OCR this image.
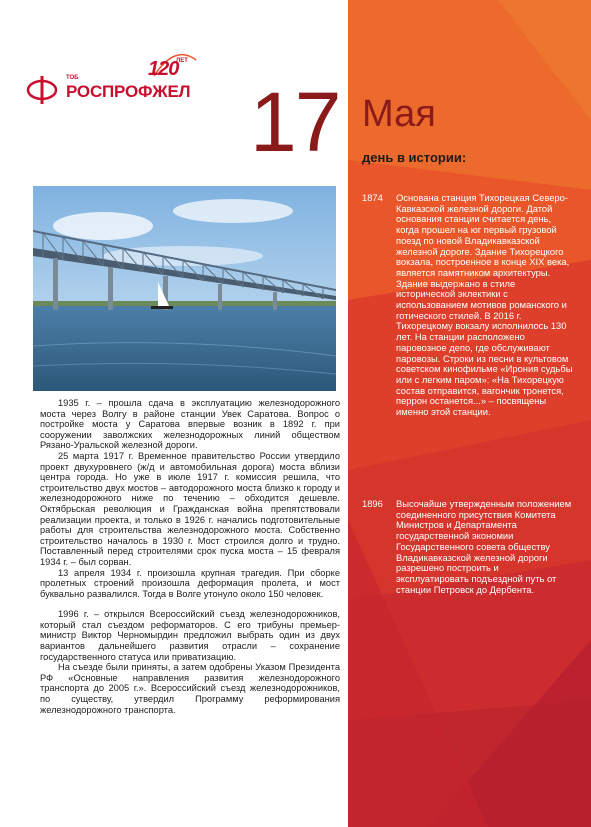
ТОБ
РОСПРОФЖЕЛ
120
ЛЕТ
17 Мая
день в истории:

1935 г. – прошла сдача в эксплуатацию железнодорожного моста через Волгу в районе станции Увек Саратова. Вопрос о постройке моста у Саратова впервые возник в 1892 г. при сооружении заволжских железнодорожных линий обществом Рязано-Уральской железной дороги.

25 марта 1917 г. Временное правительство России утвердило проект двухуровнего (ж/д и автомобильная дорога) моста вблизи центра города. Но уже в июле 1917 г. комиссия решила, что строительство двух мостов – автодорожного моста близко к городу и железнодорожного ниже по течению – обходится дешевле. Октябрьская революция и Гражданская война препятствовали реализации проекта, и только в 1926 г. начались подготовительные работы для строительства железнодорожного моста. Собственно строительство началось в 1930 г. Мост строился долго и трудно. Поставленный перед строителями срок пуска моста – 15 февраля 1934 г. – был сорван.

13 апреля 1934 г. произошла крупная трагедия. При сборке пролетных строений произошла деформация пролета, и мост буквально развалился. Тогда в Волге утонуло около 150 человек.

1996 г. – открылся Всероссийский съезд железнодорожников, который стал съездом реформаторов. С его трибуны премьер-министр Виктор Черномырдин предложил выбрать один из двух вариантов дальнейшего развития отрасли – сохранение государственного статуса или приватизацию.

На съезде были приняты, а затем одобрены Указом Президента РФ «Основные направления развития железнодорожного транспорта до 2005 г.». Всероссийский съезд железнодорожников, по существу, утвердил Программу реформирования железнодорожного транспорта.

1874	Основана станция Тихорецкая Северо-Кавказской железной дороги. Датой основания станции считается день, когда прошел на юг первый грузовой поезд по новой Владикавказской железной дороге. Здание Тихорецкого вокзала, построенное в конце XIX века, является памятником архитектуры. Здание выдержано в стиле исторической эклектики с использованием мотивов романского и готического стилей. В 2016 г. Тихорецкому вокзалу исполнилось 130 лет. На станции расположено паровозное депо, где обслуживают паровозы. Строки из песни в культовом советском кинофильме «Ирония судьбы или с легким паром»: «На Тихорецкую состав отправится, вагончик тронется, перрон останется...» – посвящены именно этой станции.
1896	Высочайше утвержденным положением соединенного присутствия Комитета Министров и Департамента государственной экономии Государственного совета обществу Владикавказской железной дороги разрешено построить и эксплуатировать подъездной путь от станции Петровск до Дербента.
